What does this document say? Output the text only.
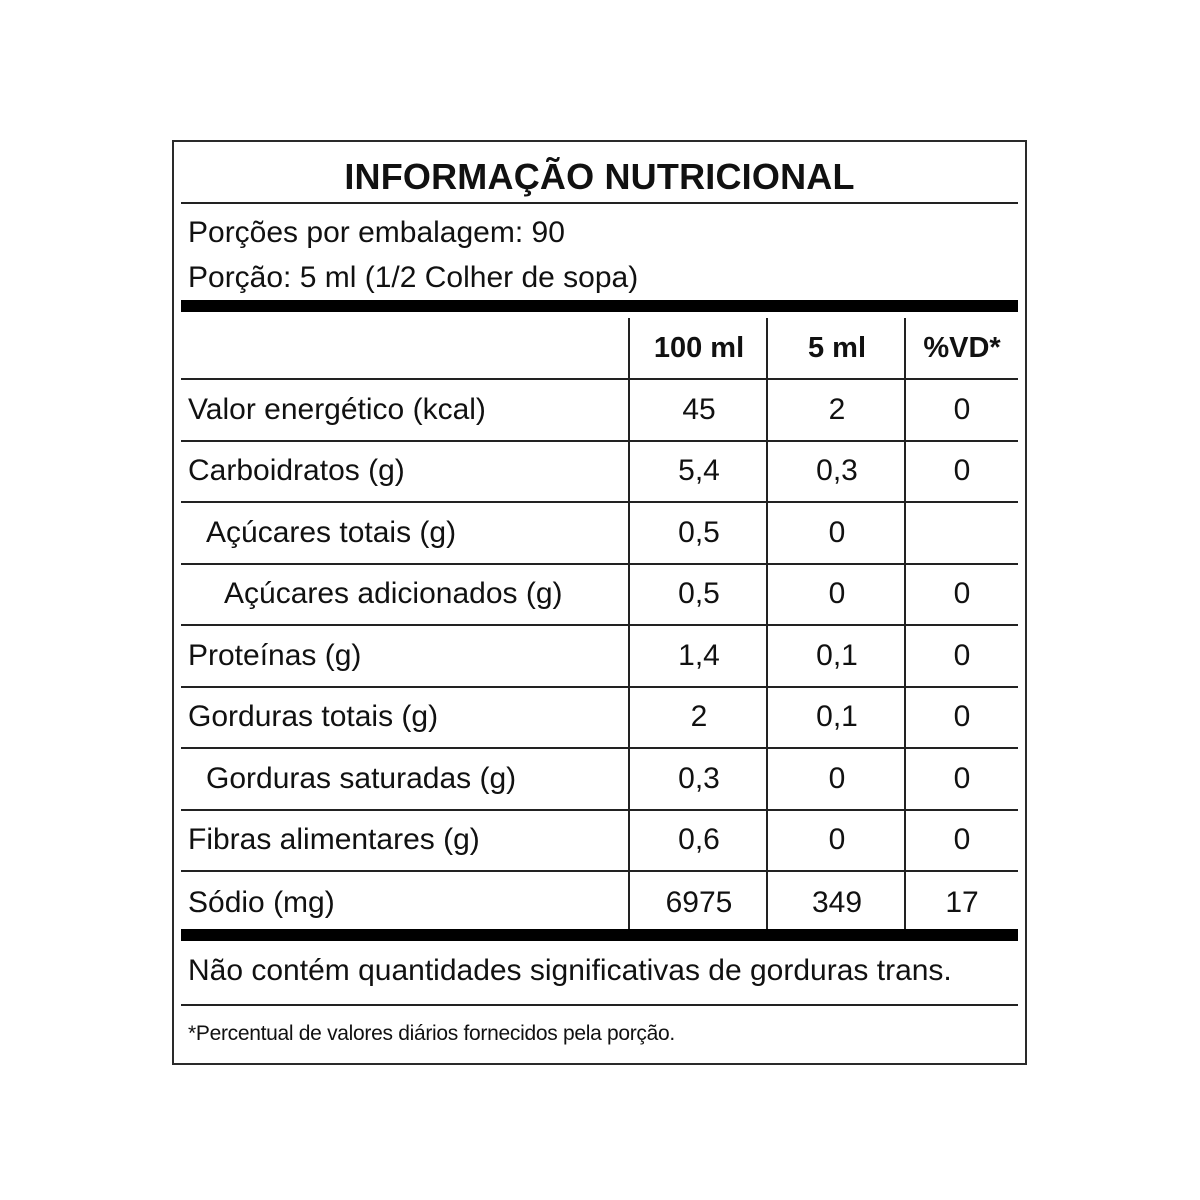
INFORMAÇÃO NUTRICIONAL
Porções por embalagem: 90
Porção: 5 ml (1/2 Colher de sopa)
100 ml	5 ml	%VD*
Valor energético (kcal)	45	2	0
Carboidratos (g)	5,4	0,3	0
Açúcares totais (g)	0,5	0
Açúcares adicionados (g)	0,5	0	0
Proteínas (g)	1,4	0,1	0
Gorduras totais (g)	2	0,1	0
Gorduras saturadas (g)	0,3	0	0
Fibras alimentares (g)	0,6	0	0
Sódio (mg)	6975	349	17
Não contém quantidades significativas de gorduras trans.
*Percentual de valores diários fornecidos pela porção.
